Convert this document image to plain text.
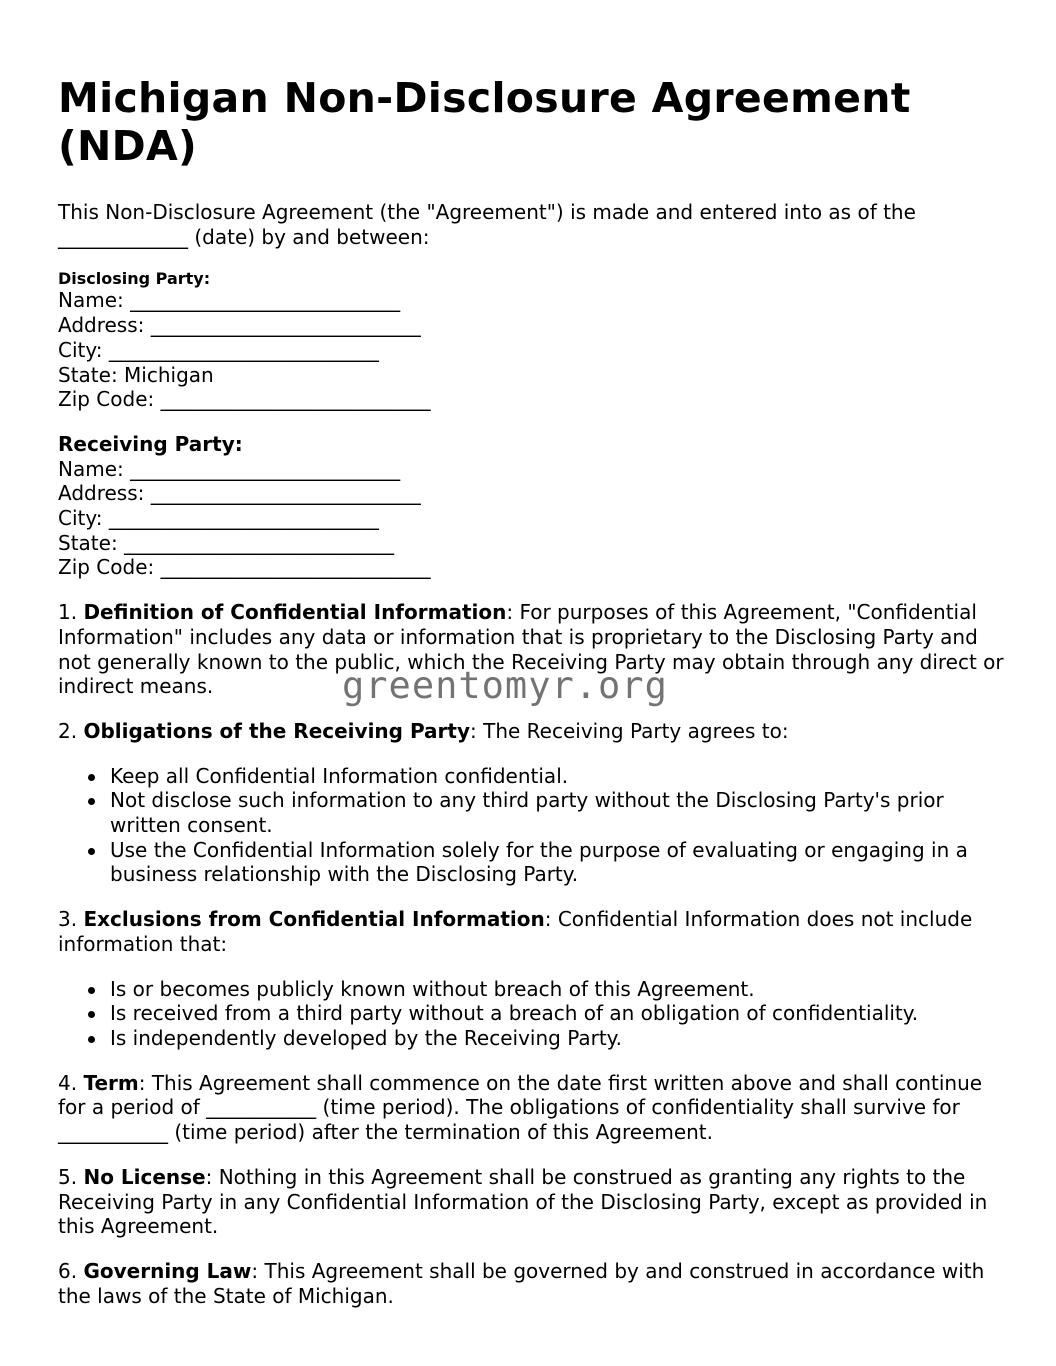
Michigan Non-Disclosure Agreement (NDA)

This Non-Disclosure Agreement (the "Agreement") is made and entered into as of the _____________ (date) by and between:

Disclosing Party:
Name: ___________________________
Address: ___________________________
City: ___________________________
State: Michigan
Zip Code: ___________________________
Receiving Party:
Name: ___________________________
Address: ___________________________
City: ___________________________
State: ___________________________
Zip Code: ___________________________

1. Definition of Confidential Information: For purposes of this Agreement, "Confidential Information" includes any data or information that is proprietary to the Disclosing Party and not generally known to the public, which the Receiving Party may obtain through any direct or indirect means.

2. Obligations of the Receiving Party: The Receiving Party agrees to:

Keep all Confidential Information confidential.
Not disclose such information to any third party without the Disclosing Party's prior written consent.
Use the Confidential Information solely for the purpose of evaluating or engaging in a business relationship with the Disclosing Party.

3. Exclusions from Confidential Information: Confidential Information does not include information that:

Is or becomes publicly known without breach of this Agreement.
Is received from a third party without a breach of an obligation of confidentiality.
Is independently developed by the Receiving Party.

4. Term: This Agreement shall commence on the date first written above and shall continue for a period of ___________ (time period). The obligations of confidentiality shall survive for ___________ (time period) after the termination of this Agreement.

5. No License: Nothing in this Agreement shall be construed as granting any rights to the Receiving Party in any Confidential Information of the Disclosing Party, except as provided in this Agreement.

6. Governing Law: This Agreement shall be governed by and construed in accordance with the laws of the State of Michigan.

greentomyr.org
